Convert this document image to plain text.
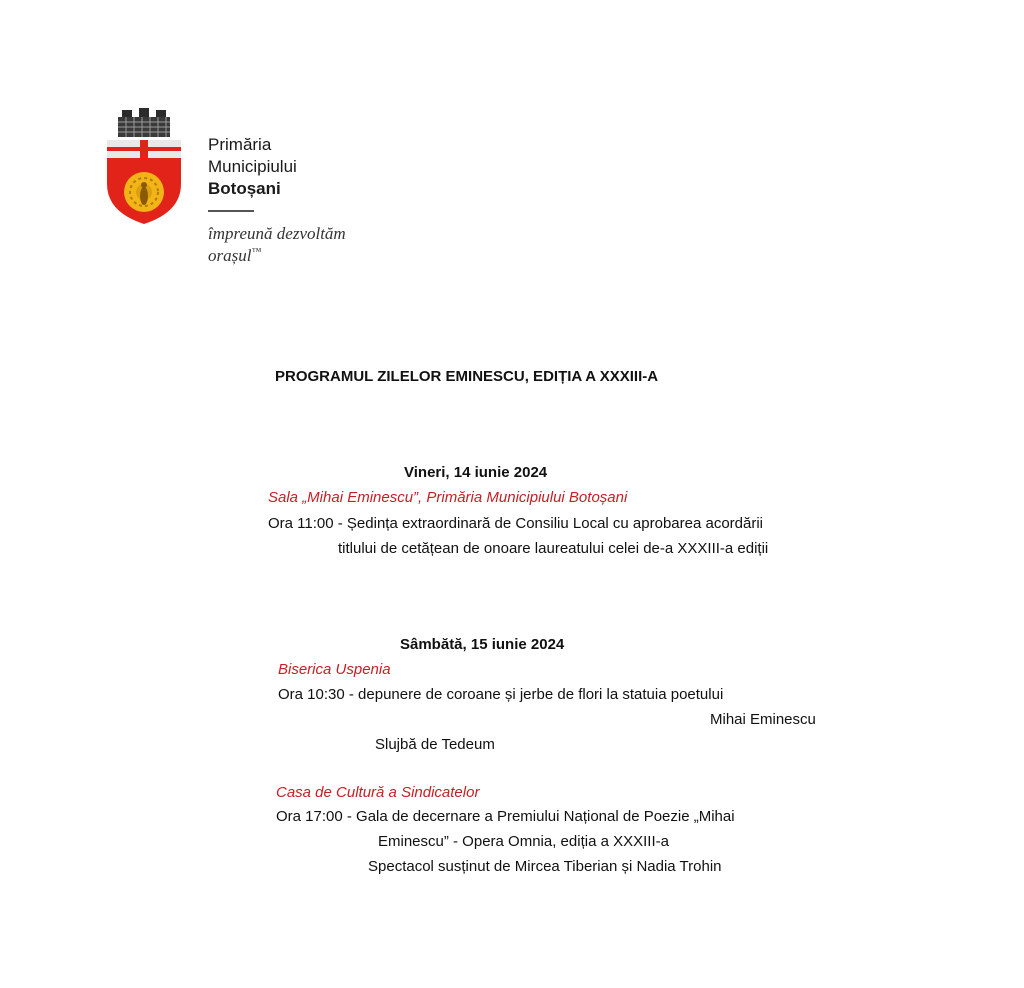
Primăria
Municipiului
Botoșani
împreună dezvoltăm
orașul™
PROGRAMUL ZILELOR EMINESCU, EDIȚIA A XXXIII-A
Vineri, 14 iunie 2024
Sala „Mihai Eminescu”, Primăria Municipiului Botoșani
Ora 11:00 - Ședința extraordinară de Consiliu Local cu aprobarea acordării
titlului de cetățean de onoare laureatului celei de-a XXXIII-a ediții
Sâmbătă, 15 iunie 2024
Biserica Uspenia
Ora 10:30 - depunere de coroane și jerbe de flori la statuia poetului
Mihai Eminescu
Slujbă de Tedeum
Casa de Cultură a Sindicatelor
Ora 17:00 - Gala de decernare a Premiului Național de Poezie „Mihai
Eminescu” - Opera Omnia, ediția a XXXIII-a
Spectacol susținut de Mircea Tiberian și Nadia Trohin
